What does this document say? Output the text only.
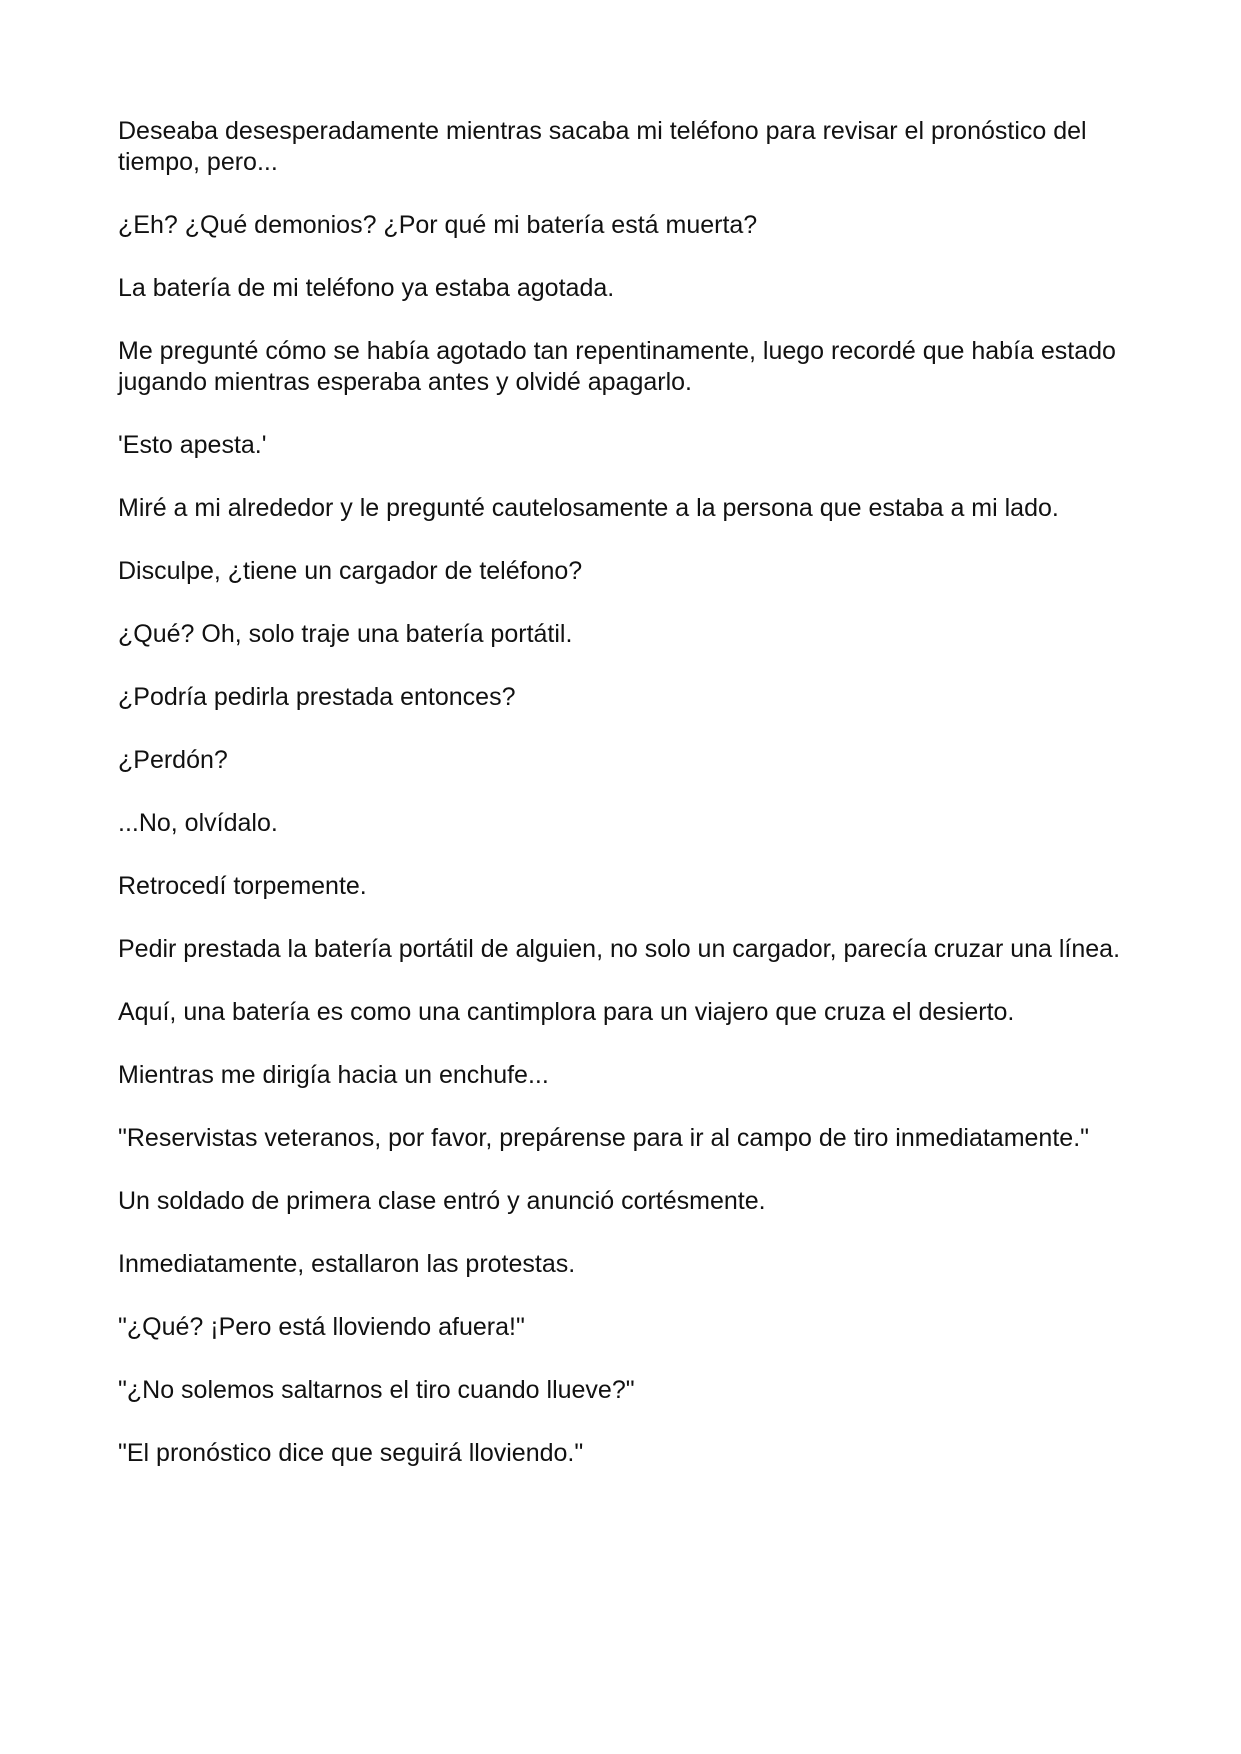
Deseaba desesperadamente mientras sacaba mi teléfono para revisar el pronóstico del tiempo, pero...

¿Eh? ¿Qué demonios? ¿Por qué mi batería está muerta?

La batería de mi teléfono ya estaba agotada.

Me pregunté cómo se había agotado tan repentinamente, luego recordé que había estado jugando mientras esperaba antes y olvidé apagarlo.

'Esto apesta.'

Miré a mi alrededor y le pregunté cautelosamente a la persona que estaba a mi lado.

Disculpe, ¿tiene un cargador de teléfono?

¿Qué? Oh, solo traje una batería portátil.

¿Podría pedirla prestada entonces?

¿Perdón?

...No, olvídalo.

Retrocedí torpemente.

Pedir prestada la batería portátil de alguien, no solo un cargador, parecía cruzar una línea.

Aquí, una batería es como una cantimplora para un viajero que cruza el desierto.

Mientras me dirigía hacia un enchufe...

"Reservistas veteranos, por favor, prepárense para ir al campo de tiro inmediatamente."

Un soldado de primera clase entró y anunció cortésmente.

Inmediatamente, estallaron las protestas.

"¿Qué? ¡Pero está lloviendo afuera!"

"¿No solemos saltarnos el tiro cuando llueve?"

"El pronóstico dice que seguirá lloviendo."
